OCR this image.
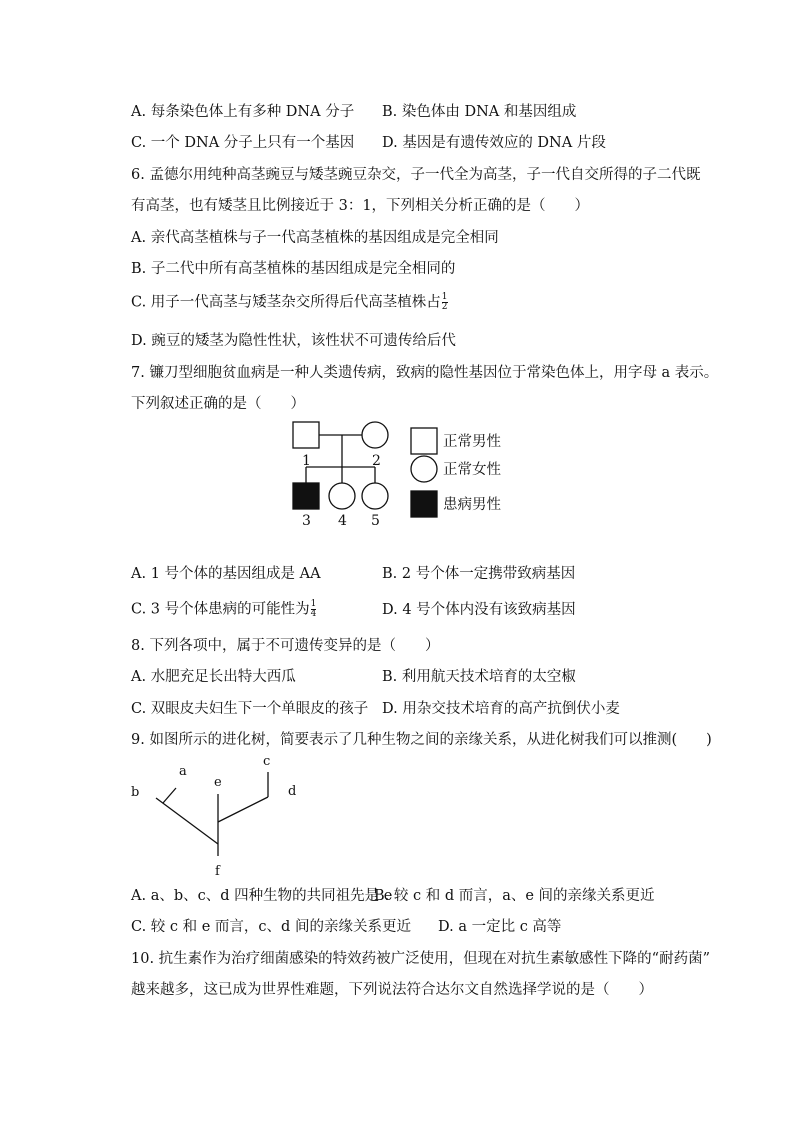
A. 每条染色体上有多种 DNA 分子 B. 染色体由 DNA 和基因组成
C. 一个 DNA 分子上只有一个基因 D. 基因是有遗传效应的 DNA 片段
6. 孟德尔用纯种高茎豌豆与矮茎豌豆杂交，子一代全为高茎，子一代自交所得的子二代既
有高茎，也有矮茎且比例接近于 3：1，下列相关分析正确的是（　　）
A. 亲代高茎植株与子一代高茎植株的基因组成是完全相同
B. 子二代中所有高茎植株的基因组成是完全相同的
C. 用子一代高茎与矮茎杂交所得后代高茎植株占 $\frac{1}{2}$
D. 豌豆的矮茎为隐性性状，该性状不可遗传给后代
7. 镰刀型细胞贫血病是一种人类遗传病，致病的隐性基因位于常染色体上，用字母 a 表示。
下列叙述正确的是（　　）
1	2
3 4 5
正常男性
正常女性
患病男性
A. 1 号个体的基因组成是 AA	B. 2 号个体一定携带致病基因
C. 3 号个体患病的可能性为 $\frac{1}{4}$	D. 4 号个体内没有该致病基因
8. 下列各项中，属于不可遗传变异的是（　　）
A. 水肥充足长出特大西瓜	B. 利用航天技术培育的太空椒
C. 双眼皮夫妇生下一个单眼皮的孩子 D. 用杂交技术培育的高产抗倒伏小麦
9. 如图所示的进化树，简要表示了几种生物之间的亲缘关系，从进化树我们可以推测(　　)
a
b
c
d
e
f
A. a、b、c、d 四种生物的共同祖先是 e
B. 较 c 和 d 而言，a、e 间的亲缘关系更近
C. 较 c 和 e 而言，c、d 间的亲缘关系更近 D. a 一定比 c 高等
10. 抗生素作为治疗细菌感染的特效药被广泛使用，但现在对抗生素敏感性下降的“耐药菌”
越来越多，这已成为世界性难题，下列说法符合达尔文自然选择学说的是（　　）
